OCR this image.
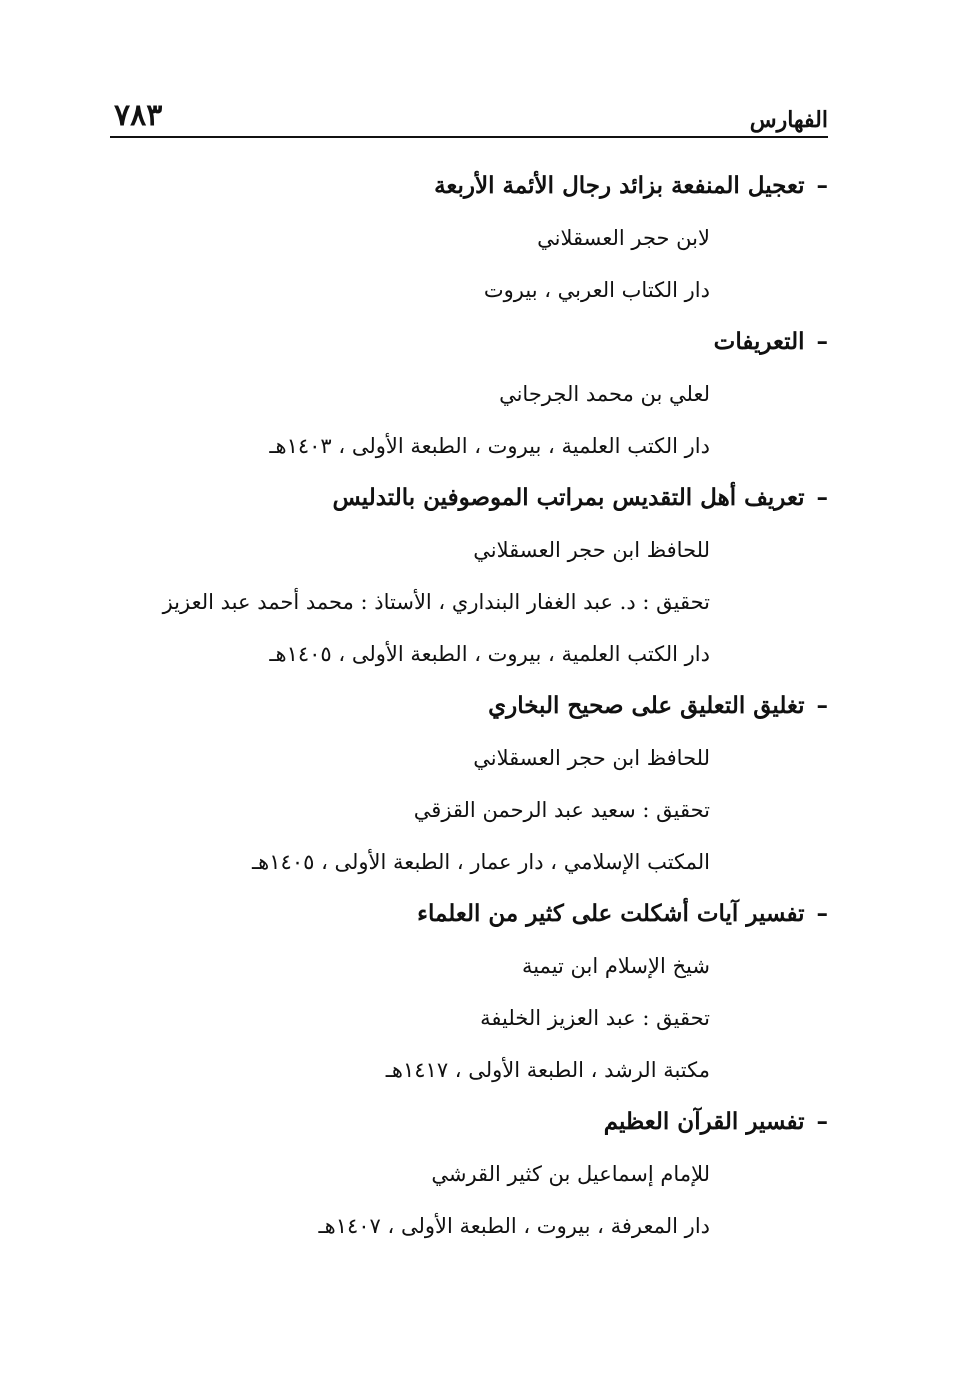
٧٨٣	الفهارس
–تعجيل المنفعة بزائد رجال الأئمة الأربعة
لابن حجر العسقلاني
دار الكتاب العربي ، بيروت
–التعريفات
لعلي بن محمد الجرجاني
دار الكتب العلمية ، بيروت ، الطبعة الأولى ، ١٤٠٣هـ
–تعريف أهل التقديس بمراتب الموصوفين بالتدليس
للحافظ ابن حجر العسقلاني
تحقيق : د. عبد الغفار البنداري ، الأستاذ : محمد أحمد عبد العزيز
دار الكتب العلمية ، بيروت ، الطبعة الأولى ، ١٤٠٥هـ
–تغليق التعليق على صحيح البخاري
للحافظ ابن حجر العسقلاني
تحقيق : سعيد عبد الرحمن القزقي
المكتب الإسلامي ، دار عمار ، الطبعة الأولى ، ١٤٠٥هـ
–تفسير آيات أشكلت على كثير من العلماء
شيخ الإسلام ابن تيمية
تحقيق : عبد العزيز الخليفة
مكتبة الرشد ، الطبعة الأولى ، ١٤١٧هـ
–تفسير القرآن العظيم
للإمام إسماعيل بن كثير القرشي
دار المعرفة ، بيروت ، الطبعة الأولى ، ١٤٠٧هـ
